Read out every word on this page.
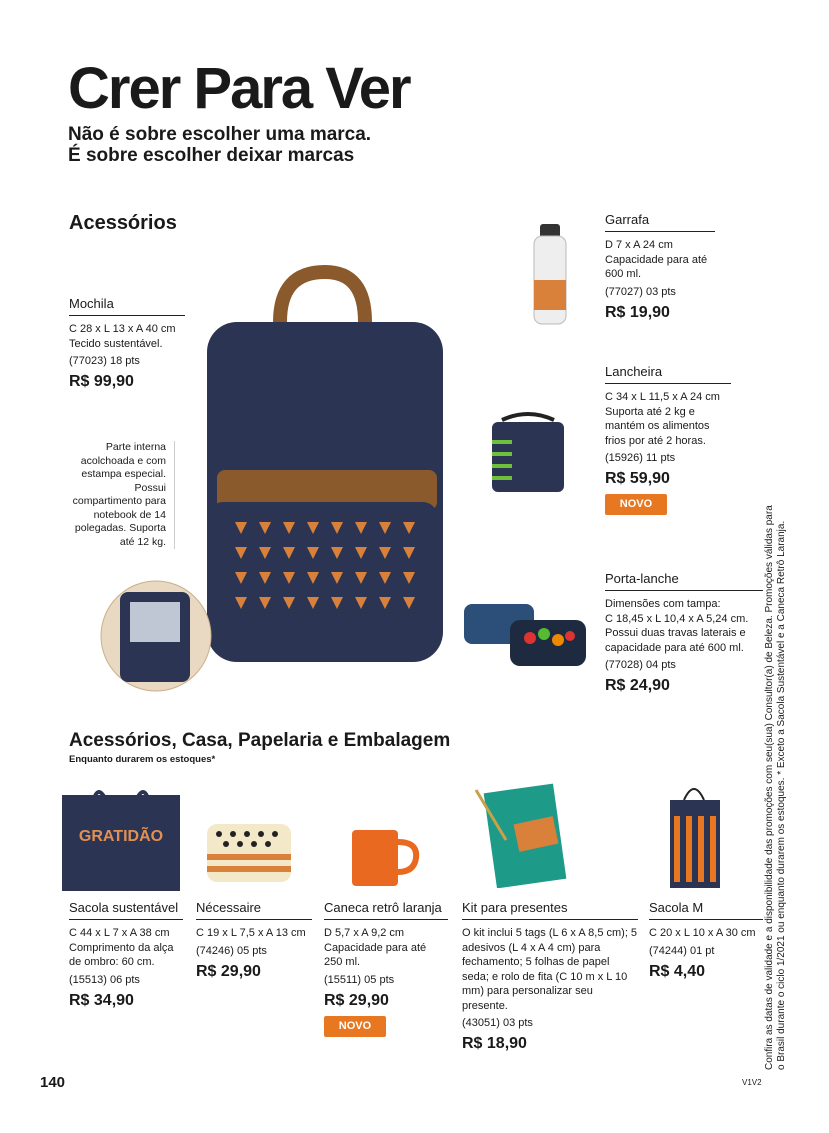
Crer Para Ver
Não é sobre escolher uma marca.
É sobre escolher deixar marcas
Acessórios
Mochila
C 28 x L 13 x A 40 cm
Tecido sustentável.
(77023) 18 pts
R$ 99,90
Parte interna acolchoada e com estampa especial. Possui compartimento para notebook de 14 polegadas. Suporta até 12 kg.
Garrafa
D 7 x A 24 cm
Capacidade para até 600 ml.
(77027) 03 pts
R$ 19,90
Lancheira
C 34 x L 11,5 x A 24 cm
Suporta até 2 kg e mantém os alimentos frios por até 2 horas.
(15926) 11 pts
R$ 59,90
NOVO
Porta-lanche
Dimensões com tampa:
C 18,45 x L 10,4 x A 5,24 cm.
Possui duas travas laterais e capacidade para até 600 ml.
(77028) 04 pts
R$ 24,90
Acessórios, Casa, Papelaria e Embalagem
Enquanto durarem os estoques*
GRATIDÃO
Sacola sustentável
C 44 x L 7 x A 38 cm
Comprimento da alça de ombro: 60 cm.
(15513) 06 pts
R$ 34,90
Nécessaire
C 19 x L 7,5 x A 13 cm
(74246) 05 pts
R$ 29,90
Caneca retrô laranja
D 5,7 x A 9,2 cm
Capacidade para até 250 ml.
(15511) 05 pts
R$ 29,90
NOVO
Kit para presentes
O kit inclui 5 tags (L 6 x A 8,5 cm); 5 adesivos (L 4 x A 4 cm) para fechamento; 5 folhas de papel seda; e rolo de fita (C 10 m x L 10 mm) para personalizar seu presente.
(43051) 03 pts
R$ 18,90
Sacola M
C 20 x L 10 x A 30 cm
(74244) 01 pt
R$ 4,40	Confira as datas de validade e a disponibilidade das promoções com seu(sua) Consultor(a) de Beleza. Promoções válidas para o Brasil durante o ciclo 1/2021 ou enquanto durarem os estoques. * Exceto a Sacola Sustentável e a Caneca Retrô Laranja.
140	V1V2
